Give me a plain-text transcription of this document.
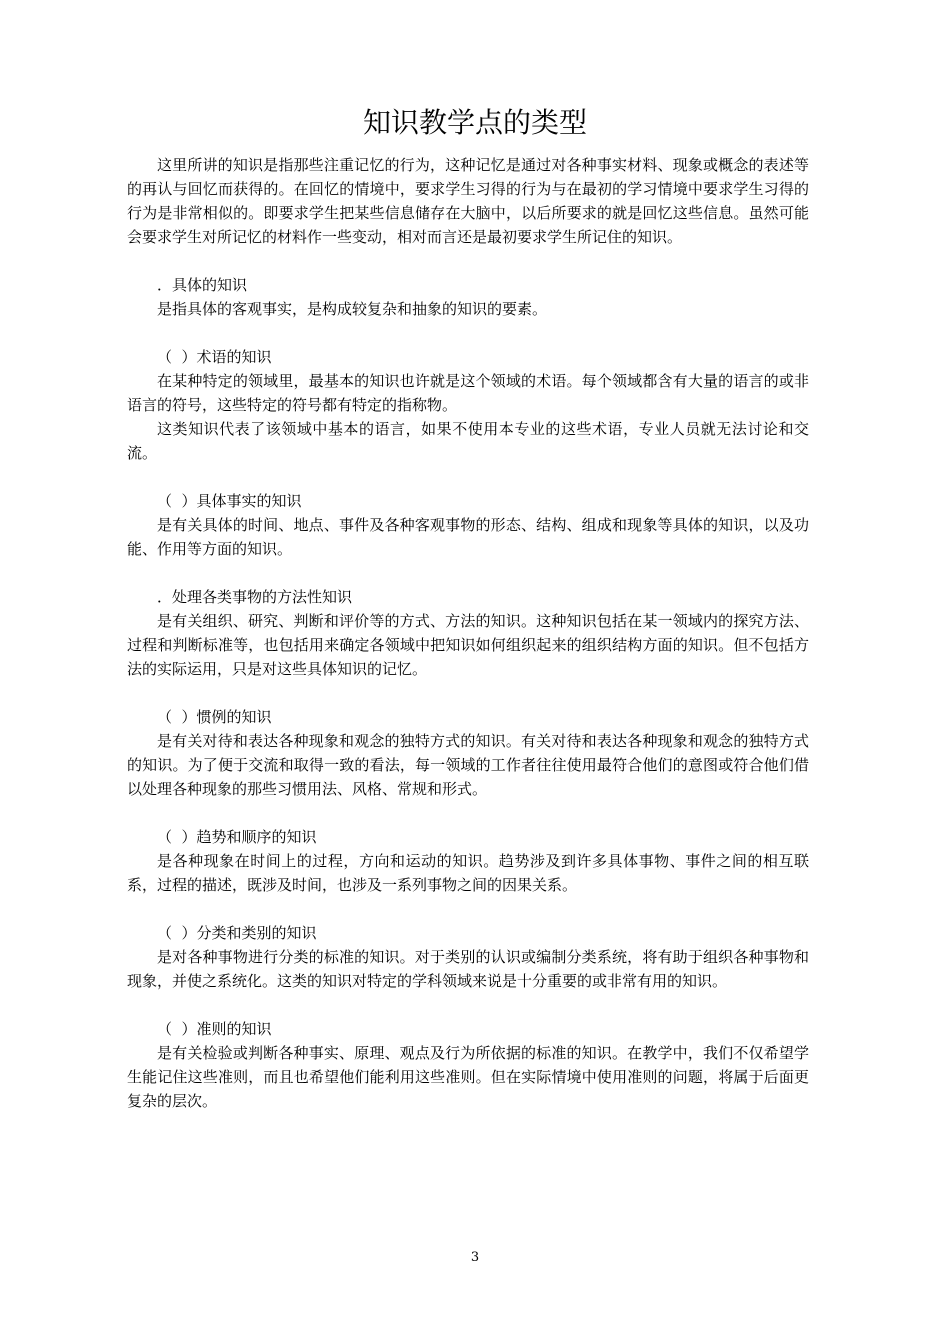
知识教学点的类型

这里所讲的知识是指那些注重记忆的行为，这种记忆是通过对各种事实材料、现象或概念的表述等的再认与回忆而获得的。在回忆的情境中，要求学生习得的行为与在最初的学习情境中要求学生习得的行为是非常相似的。即要求学生把某些信息储存在大脑中，以后所要求的就是回忆这些信息。虽然可能会要求学生对所记忆的材料作一些变动，相对而言还是最初要求学生所记住的知识。

．具体的知识

是指具体的客观事实，是构成较复杂和抽象的知识的要素。

（  ）术语的知识

在某种特定的领域里，最基本的知识也许就是这个领域的术语。每个领域都含有大量的语言的或非语言的符号，这些特定的符号都有特定的指称物。

这类知识代表了该领域中基本的语言，如果不使用本专业的这些术语，专业人员就无法讨论和交流。

（  ）具体事实的知识

是有关具体的时间、地点、事件及各种客观事物的形态、结构、组成和现象等具体的知识，以及功能、作用等方面的知识。

．处理各类事物的方法性知识

是有关组织、研究、判断和评价等的方式、方法的知识。这种知识包括在某一领域内的探究方法、过程和判断标准等，也包括用来确定各领域中把知识如何组织起来的组织结构方面的知识。但不包括方法的实际运用，只是对这些具体知识的记忆。

（  ）惯例的知识

是有关对待和表达各种现象和观念的独特方式的知识。有关对待和表达各种现象和观念的独特方式的知识。为了便于交流和取得一致的看法，每一领域的工作者往往使用最符合他们的意图或符合他们借以处理各种现象的那些习惯用法、风格、常规和形式。

（  ）趋势和顺序的知识

是各种现象在时间上的过程，方向和运动的知识。趋势涉及到许多具体事物、事件之间的相互联系，过程的描述，既涉及时间，也涉及一系列事物之间的因果关系。

（  ）分类和类别的知识

是对各种事物进行分类的标准的知识。对于类别的认识或编制分类系统，将有助于组织各种事物和现象，并使之系统化。这类的知识对特定的学科领域来说是十分重要的或非常有用的知识。

（  ）准则的知识

是有关检验或判断各种事实、原理、观点及行为所依据的标准的知识。在教学中，我们不仅希望学生能记住这些准则，而且也希望他们能利用这些准则。但在实际情境中使用准则的问题，将属于后面更复杂的层次。

3
